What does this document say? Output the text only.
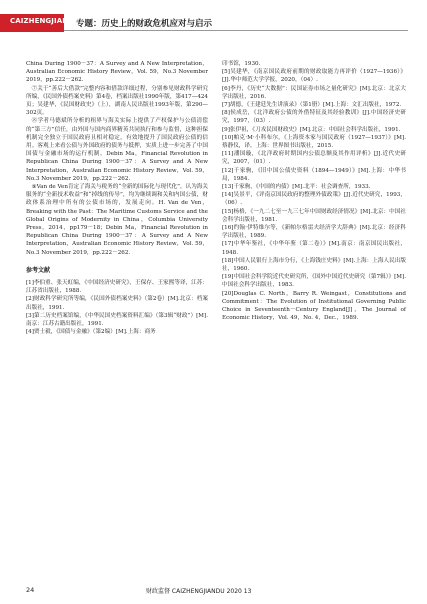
CAIZHENGJIANDU
专题：历史上的财政危机应对与启示

China During 1900－37：A Survey and A New Interpretation，Australian Economic History Review，Vol. 59，No.3 November 2019，pp.222－262.

⑦关于“善后大借款”完整内容和借款详细过程，分别参见财政科学研究所编，《民国外债档案史料》第4卷，档案出版社1990年版，第417—424页；吴建华，《民国财政史》（上），湖南人民出版社1993年版，第290—302页。

⑧学者马德斌所分析的租界与海关实际上提供了产权保护与公债清偿的“第三方”信任，由外国与国内商界精英共同执行和参与监督，这种担保机制完全独立于国民政府且相对稳定，有效地提升了国民政府公债的信用。客观上来看公债与外国政府的债务与抵押，实质上进一步完善了中国国债与金融市场的运行机制。Debin Ma，Financial Revolution in Republican China During 1900－37：A Survey and A New Interpretation，Australian Economic History Review，Vol. 59，No.3 November 2019，pp.222－262.

⑨Van de Ven肯定了海关与税务的“全新的国际化与现代化”，认为海关服务的“全新技术收益”和“掉线的传导”，均为继续调和关和内国公债，财政体系治理中所有的公债市场的，发展走向。H. Van de Ven，Breaking with the Past：The Maritime Customs Service and the Global Origins of Modernity in China，Columbia University Press，2014，pp179－18；Debin Ma，Financial Revolution in Republican China During 1900－37：A Survey and A New Interpretation，Australian Economic History Review，Vol. 59，No.3 November 2019，pp.222－262.

参考文献

[1]李伯重、张天虹编，《中国经济史研究》，王保存、王家熙等译，江苏：江苏省出版社，1988.

[2]财政科学研究所等编，《民国外债档案史料》（第2卷）[M].北京：档案出版社，1991.

[3]第二历史档案馆编，《中华民国史档案资料汇编》（第3辑“财政”）[M].南京：江苏古籍出版社，1991.

[4]贾士毅，《国债与金融》（第2编）[M].上海：商务

印书馆，1930.

[5]吴建华，《南京国民政府前期的财政取能力再评价（1927—1936）》[J].华中师范大学学报，2020，（04）.

[6]李丹，《历史“大数据”：民国证券市场之量化研究》[M].北京：北京大学出版社，2016.

[7]胡德，《王建廷先生讲演录》（第1册）[M].上海：文汇出版社，1972.

[8]侯成岳，《北洋政府公债的外借特征及其经验教训》[J].中国经济史研究，1997，（03）.

[9]张伊祖，《刀戎民国财政史》[M].北京：中国社会科学出版社，1991.

[10]帕克·M·小科布尔，《上海资本家与国民政府（1927—1937）》[M].蔡静仪，译，上海：世界图书出版社，2015.

[11]潘国璇，《北洋政府时期国内公债总额及其作用评析》[J].近代史研究，2007，（01）.

[12]千家驹，《旧中国公债史资料（1894—1949）》[M].上海：中华书局，1984.

[13]千家驹，《中国的内债》[M].北平：社会调查所，1933.

[14]吴景平，《评南京国民政府的整理外债政策》[J].近代史研究，1993，（06）.

[15]杨格，《一九二七至一九三七年中国财政经济情况》[M].北京：中国社会科学出版社，1981.

[16]约翰·伊特维尔等，《新帕尔格雷夫经济学大辞典》[M].北京：经济科学出版社，1989.

[17]中华年鉴社，《中华年鉴（第二卷）》[M].南京：南京国民出版社，1948.

[18]中国人民银行上海市分行，《上海钱庄史料》[M].上海：上海人民出版社，1960.

[19]中国社会科学院近代史研究所，《国外中国近代史研究（第7辑）》[M].中国社会科学出版社，1983.

[20]Douglas C. North，Barry R. Weingast，Constitutions and Commitment：The Evolution of Institutional Governing Public Choice in Seventeenth－Century England[J]，The Journal of Economic History，Vol. 49，No. 4，Dec.，1989.

24	财政监督 CAIZHENGJIANDU 2020 13
